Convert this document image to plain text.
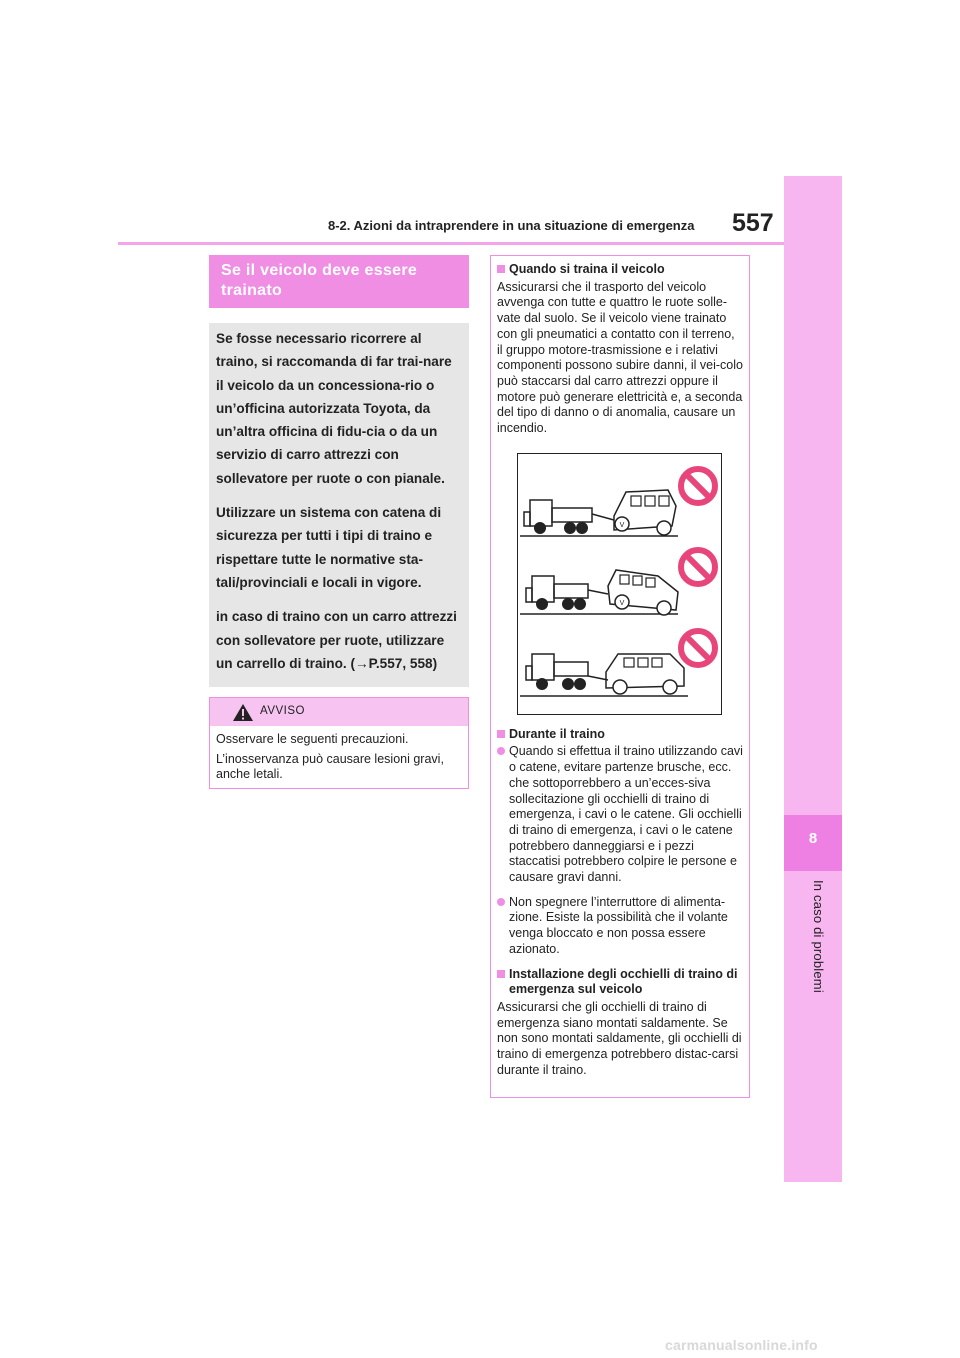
8
In caso di problemi
8-2. Azioni da intraprendere in una situazione di emergenza 557
Se il veicolo deve essere trainato

Se fosse necessario ricorrere al traino, si raccomanda di far trai-nare il veicolo da un concessiona-rio o un’officina autorizzata Toyota, da un’altra officina di fidu-cia o da un servizio di carro attrezzi con sollevatore per ruote o con pianale.

Utilizzare un sistema con catena di sicurezza per tutti i tipi di traino e rispettare tutte le normative sta-tali/provinciali e locali in vigore.

in caso di traino con un carro attrezzi con sollevatore per ruote, utilizzare un carrello di traino. (→P.557, 558)

AVVISO

Osservare le seguenti precauzioni.

L’inosservanza può causare lesioni gravi, anche letali.

Quando si traina il veicolo

Assicurarsi che il trasporto del veicolo avvenga con tutte e quattro le ruote solle-vate dal suolo. Se il veicolo viene trainato con gli pneumatici a contatto con il terreno, il gruppo motore-trasmissione e i relativi componenti possono subire danni, il vei-colo può staccarsi dal carro attrezzi oppure il motore può generare elettricità e, a seconda del tipo di danno o di anomalia, causare un incendio.

Durante il traino

Quando si effettua il traino utilizzando cavi o catene, evitare partenze brusche, ecc. che sottoporrebbero a un’ecces-siva sollecitazione gli occhielli di traino di emergenza, i cavi o le catene. Gli occhielli di traino di emergenza, i cavi o le catene potrebbero danneggiarsi e i pezzi staccatisi potrebbero colpire le persone e causare gravi danni.

Non spegnere l’interruttore di alimenta-zione. Esiste la possibilità che il volante venga bloccato e non possa essere azionato.

Installazione degli occhielli di traino di emergenza sul veicolo

Assicurarsi che gli occhielli di traino di emergenza siano montati saldamente. Se non sono montati saldamente, gli occhielli di traino di emergenza potrebbero distac-carsi durante il traino.

V
V
carmanualsonline.info
